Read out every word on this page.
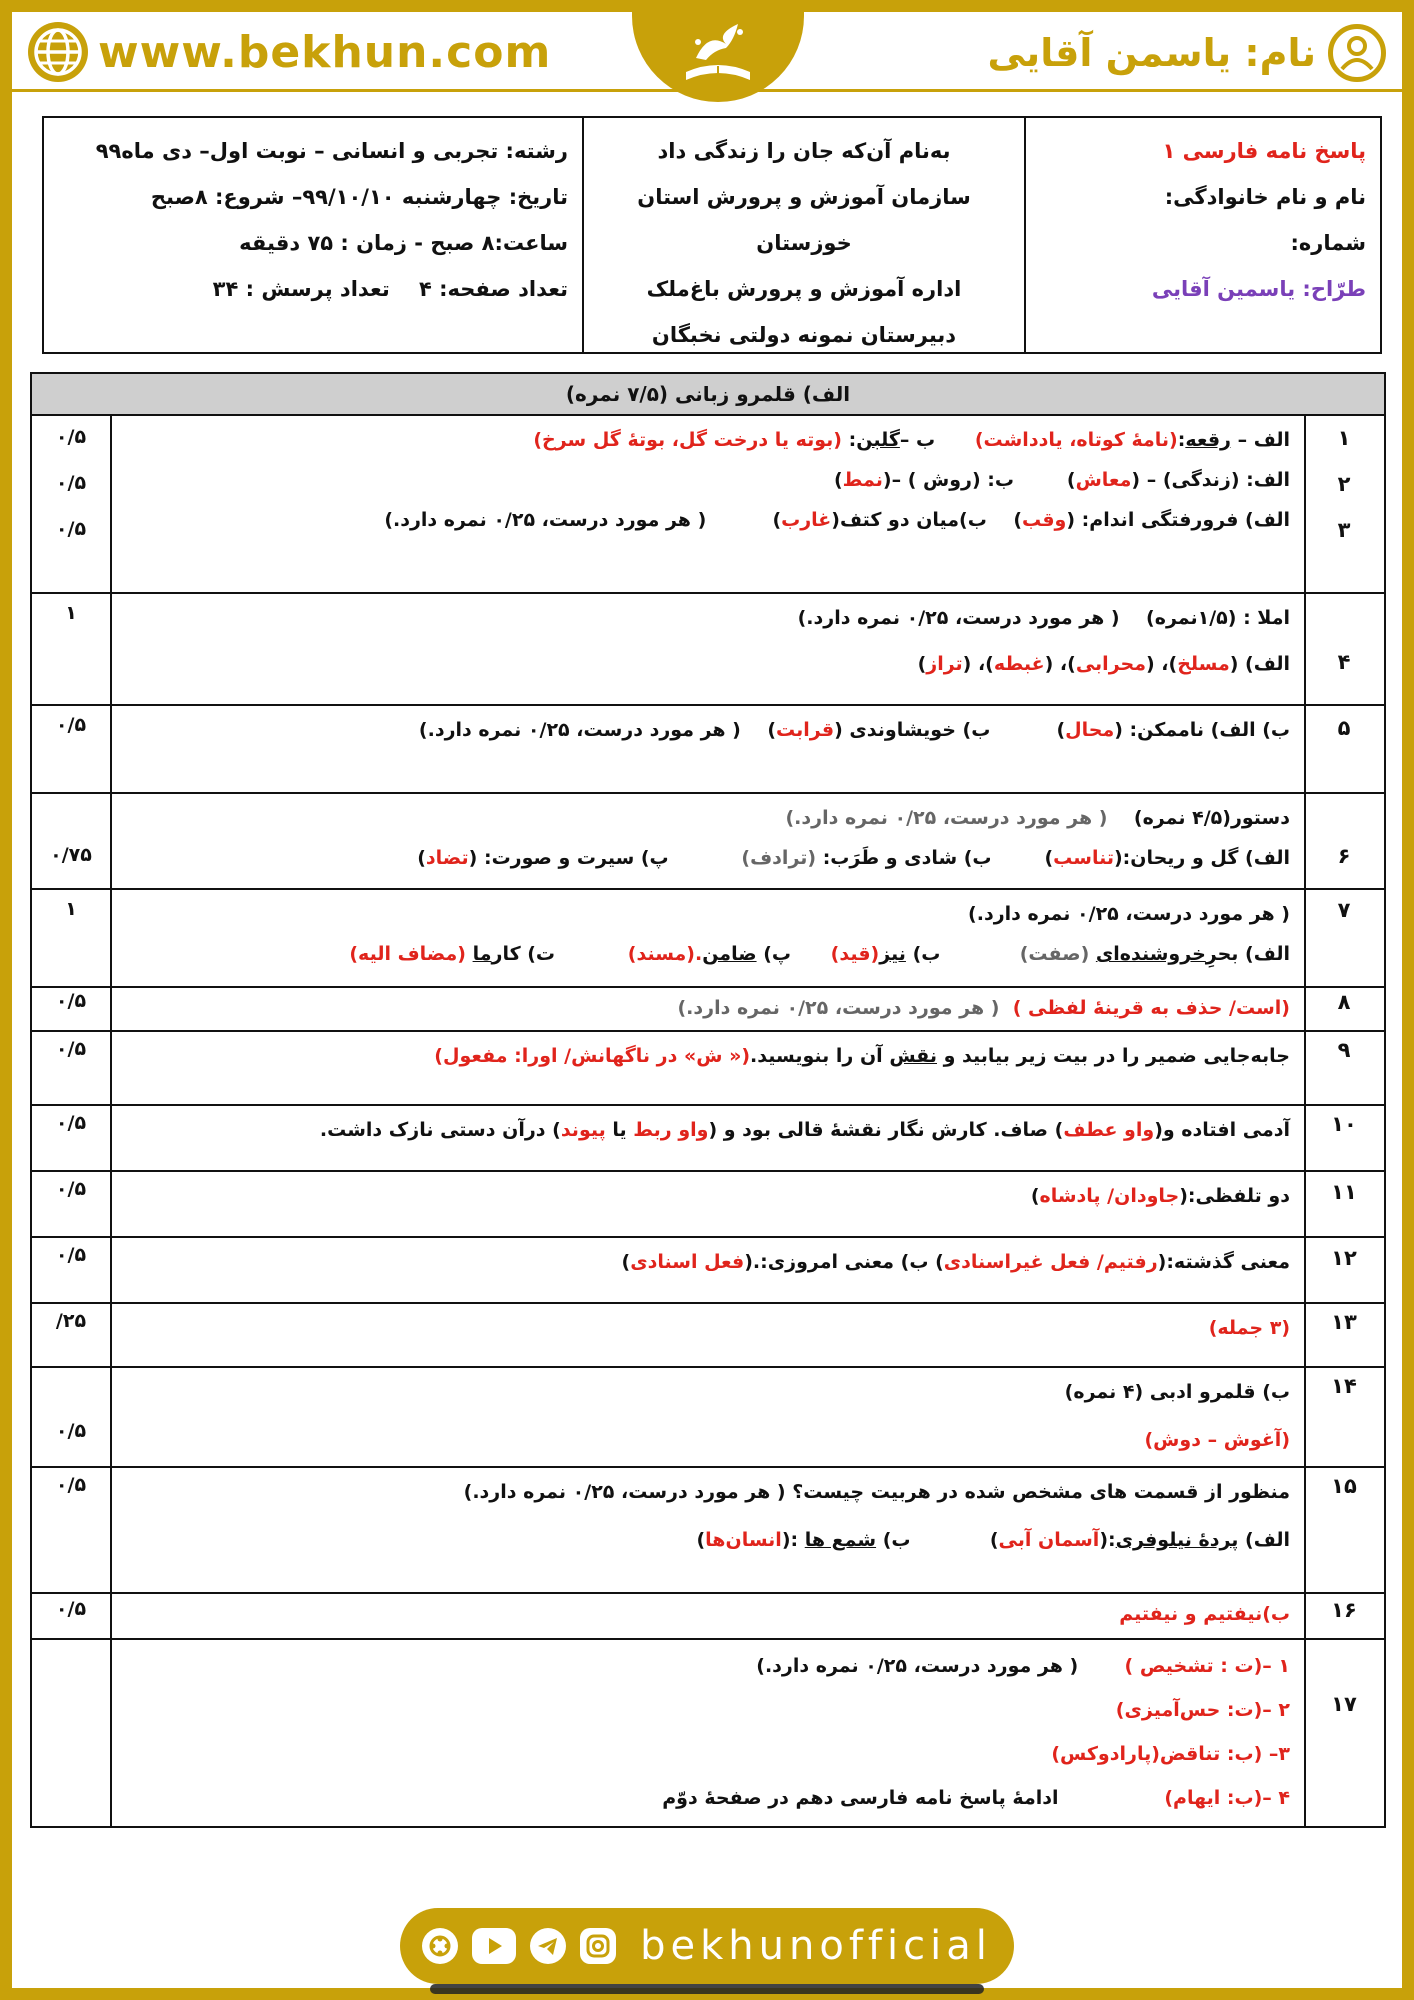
www.bekhun.com	نام: یاسمن آقایی
پاسخ نامه فارسی ۱
نام و نام خانوادگی:
شماره:
طرّاح: یاسمین آقایی
به‌نام آن‌که جان را زندگی داد
سازمان آموزش و پرورش استان خوزستان
اداره آموزش و پرورش باغ‌ملک
دبیرستان نمونه دولتی نخبگان
رشته: تجربی و انسانی – نوبت اول– دی ماه۹۹
تاریخ: چهارشنبه ۹۹/۱۰/۱۰– شروع: ۸صبح
ساعت:۸ صبح - زمان : ۷۵ دقیقه
تعداد صفحه: ۴    تعداد پرسش : ۳۴
الف) قلمرو زبانی (۷/۵ نمره)
۱
۲
۳
الف – رقعه:(نامهٔ کوتاه، یادداشت)      ب –گلبن: (بوته یا درخت گل، بوتهٔ گل سرخ)
الف: (زندگی) – (معاش)        ب: (روش ) –(نمط)
الف) فرورفتگی اندام: (وقب)    ب)میان دو کتف(غارب)          ( هر مورد درست، ۰/۲۵ نمره دارد.)
۰/۵
۰/۵
۰/۵
۴
املا : (۱/۵نمره)    ( هر مورد درست، ۰/۲۵ نمره دارد.)
الف) (مسلخ)، (محرابی)، (غبطه)، (تراز)
۱
۵
ب) الف) ناممکن: (محال)          ب) خویشاوندی (قرابت)    ( هر مورد درست، ۰/۲۵ نمره دارد.)
۰/۵
۶
دستور(۴/۵ نمره)    ( هر مورد درست، ۰/۲۵ نمره دارد.)
الف) گل و ریحان:(تناسب)        ب) شادی و طَرَب: (ترادف)           پ) سیرت و صورت: (تضاد)
۰/۷۵
۷
( هر مورد درست، ۰/۲۵ نمره دارد.)
الف) بحرِخروشنده‌ای (صفت)            ب) نیز(قید)      پ) ضامن.(مسند)           ت) کارما (مضاف الیه)
۱
۸
(است/ حذف به قرینهٔ لفظی )  ( هر مورد درست، ۰/۲۵ نمره دارد.)
۰/۵
۹
جابه‌جایی ضمیر را در بیت زیر بیابید و نقش آن را بنویسید.(« ش» در ناگهانش/ اورا: مفعول)
۰/۵
۱۰
آدمی افتاده و(واو عطف) صاف. کارش نگار نقشهٔ قالی بود و (واو ربط یا پیوند) درآن دستی نازک داشت.
۰/۵
۱۱
دو تلفظی:(جاودان/ پادشاه)
۰/۵
۱۲
معنی گذشته:(رفتیم/ فعل غیراسنادی) ب) معنی امروزی:.(فعل اسنادی)
۰/۵
۱۳
(۳ جمله)
/۲۵
۱۴
ب) قلمرو ادبی (۴ نمره)
(آغوش – دوش)
۰/۵
۱۵
منظور از قسمت های مشخص شده در هربیت چیست؟ ( هر مورد درست، ۰/۲۵ نمره دارد.)
الف) پردهٔ نیلوفری:(آسمان آبی)            ب) شمع ها :(انسان‌ها)
۰/۵
۱۶
ب)نیفتیم و نیفتیم
۰/۵
۱۷
۱ –(ت : تشخیص )       ( هر مورد درست، ۰/۲۵ نمره دارد.)
۲ –(ت: حس‌آمیزی)
۳– (ب: تناقض(پارادوکس)
۴ –(ب: ایهام)                ادامهٔ پاسخ نامه فارسی دهم در صفحهٔ دوّم
bekhunofficial
